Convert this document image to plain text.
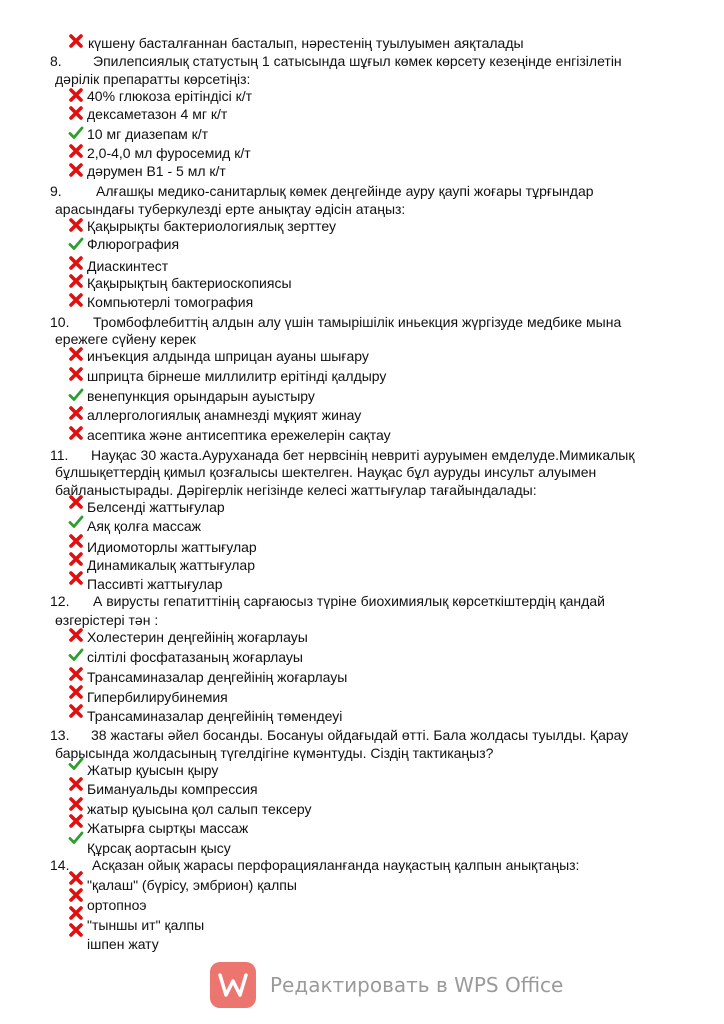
күшену басталғаннан басталып, нәрестенің туылуымен аяқталады
Эпилепсиялық статустың 1 сатысында шұғыл көмек көрсету кезеңінде енгізілетін
дәрілік препаратты көрсетіңіз:
40% глюкоза ерітіндісі к/т
дексаметазон 4 мг к/т
10 мг диазепам к/т
2,0-4,0 мл фуросемид к/т
дәрумен В1 - 5 мл к/т
Алғашқы медико-санитарлық көмек деңгейінде ауру қаупі жоғары тұрғындар
арасындағы туберкулезді ерте анықтау әдісін атаңыз:
Қақырықты бактериологиялық зерттеу
Флюрография
Диаскинтест
Қақырықтың бактериоскопиясы
Компьютерлі томография
Тромбофлебиттің алдын алу үшін тамырішілік иньекция жүргізуде медбике мына
ережеге сүйену керек
инъекция алдында шприцан ауаны шығару
шприцта бірнеше миллилитр ерітінді қалдыру
венепункция орындарын ауыстыру
аллергологиялық анамнезді мұқият жинау
асептика және антисептика ережелерін сақтау
Науқас 30 жаста.Ауруханада бет нервсінің невриті ауруымен емделуде.Мимикалық
бұлшықеттердің қимыл қозғалысы шектелген. Науқас бұл ауруды инсульт алуымен
байланыстырады. Дәрігерлік негізінде келесі жаттығулар тағайындалады:
Белсенді жаттығулар
Аяқ қолға массаж
Идиомоторлы жаттығулар
Динамикалық жаттығулар
Пассивті жаттығулар
А вирусты гепатиттінің сарғаюсыз түріне биохимиялық көрсеткіштердің қандай
өзгерістері тән :
Холестерин деңгейінің жоғарлауы
сілтілі фосфатазаның жоғарлауы
Трансаминазалар деңгейінің жоғарлауы
Гипербилирубинемия
Трансаминазалар деңгейінің төмендеуі
38 жастағы әйел босанды. Босануы ойдағыдай өтті. Бала жолдасы туылды. Қарау
барысында жолдасының түгелдігіне күмәнтуды. Сіздің тактикаңыз?
Жатыр қуысын қыру
Бимануальды компрессия
жатыр қуысына қол салып тексеру
Жатырға сыртқы массаж
Құрсақ аортасын қысу
Асқазан ойық жарасы перфорацияланғанда науқастың қалпын анықтаңыз:
"қалаш" (бүрісу, эмбрион) қалпы
ортопноэ
"тыншы ит" қалпы
ішпен жату
8.
9.
10.
11.
12.
13.
14.
Редактировать в WPS Office
